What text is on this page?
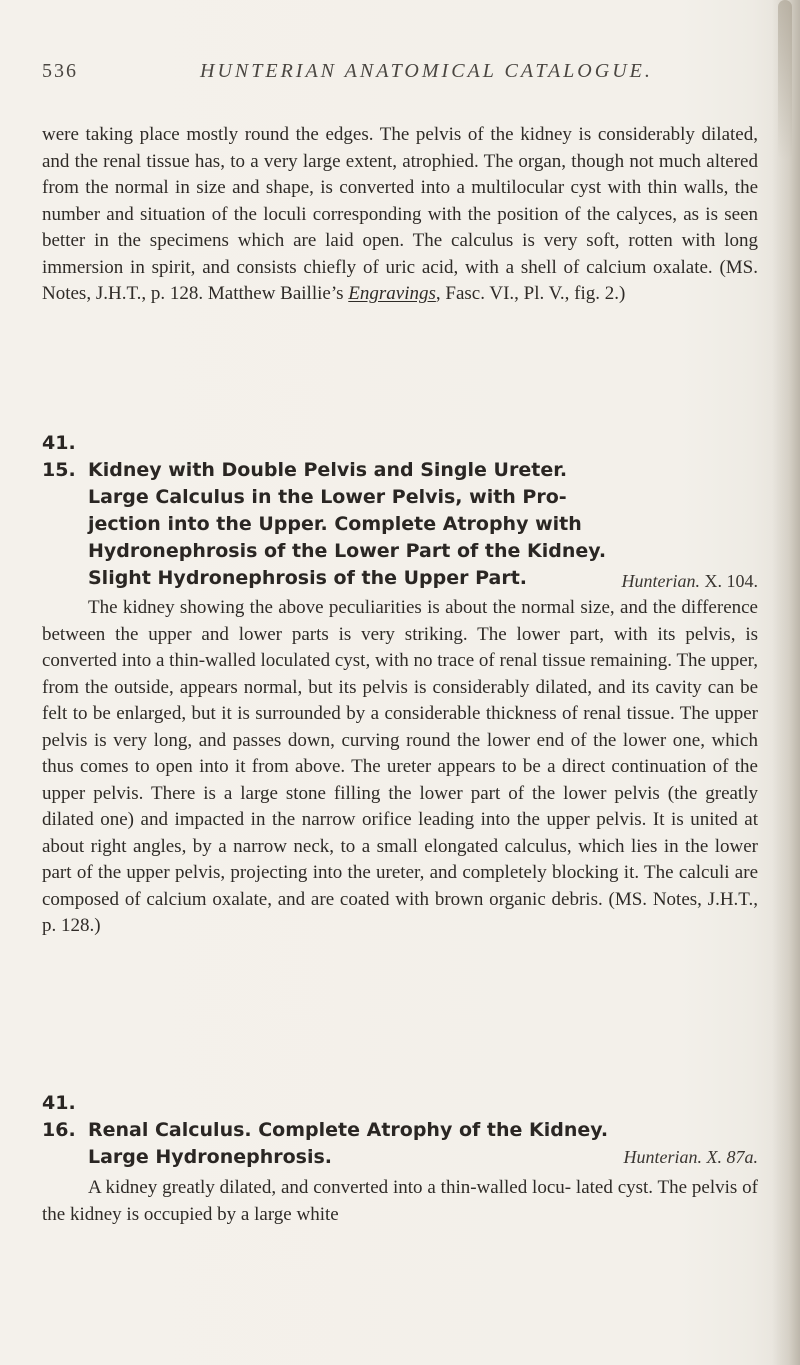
536	HUNTERIAN ANATOMICAL CATALOGUE.

were taking place mostly round the edges. The pelvis of the kidney is considerably dilated, and the renal tissue has, to a very large extent, atrophied. The organ, though not much altered from the normal in size and shape, is converted into a multilocular cyst with thin walls, the number and situation of the loculi corresponding with the position of the calyces, as is seen better in the specimens which are laid open. The calculus is very soft, rotten with long immersion in spirit, and consists chiefly of uric acid, with a shell of calcium oxalate. (MS. Notes, J.H.T., p. 128. Matthew Baillie’s Engravings, Fasc. VI., Pl. V., fig. 2.)

41. 15. Kidney with Double Pelvis and Single Ureter.
Large Calculus in the Lower Pelvis, with Pro-
jection into the Upper. Complete Atrophy with
Hydronephrosis of the Lower Part of the Kidney.
Slight Hydronephrosis of the Upper Part.	Hunterian. X. 104.

The kidney showing the above peculiarities is about the normal size, and the difference between the upper and lower parts is very striking. The lower part, with its pelvis, is converted into a thin-walled loculated cyst, with no trace of renal tissue remaining. The upper, from the outside, appears normal, but its pelvis is considerably dilated, and its cavity can be felt to be enlarged, but it is surrounded by a considerable thickness of renal tissue. The upper pelvis is very long, and passes down, curving round the lower end of the lower one, which thus comes to open into it from above. The ureter appears to be a direct continuation of the upper pelvis. There is a large stone filling the lower part of the lower pelvis (the greatly dilated one) and impacted in the narrow orifice leading into the upper pelvis. It is united at about right angles, by a narrow neck, to a small elongated calculus, which lies in the lower part of the upper pelvis, projecting into the ureter, and completely blocking it. The calculi are composed of calcium oxalate, and are coated with brown organic debris. (MS. Notes, J.H.T., p. 128.)

41. 16. Renal Calculus. Complete Atrophy of the Kidney.
Large Hydronephrosis.	Hunterian. X. 87a.

A kidney greatly dilated, and converted into a thin-walled locu- lated cyst. The pelvis of the kidney is occupied by a large white
